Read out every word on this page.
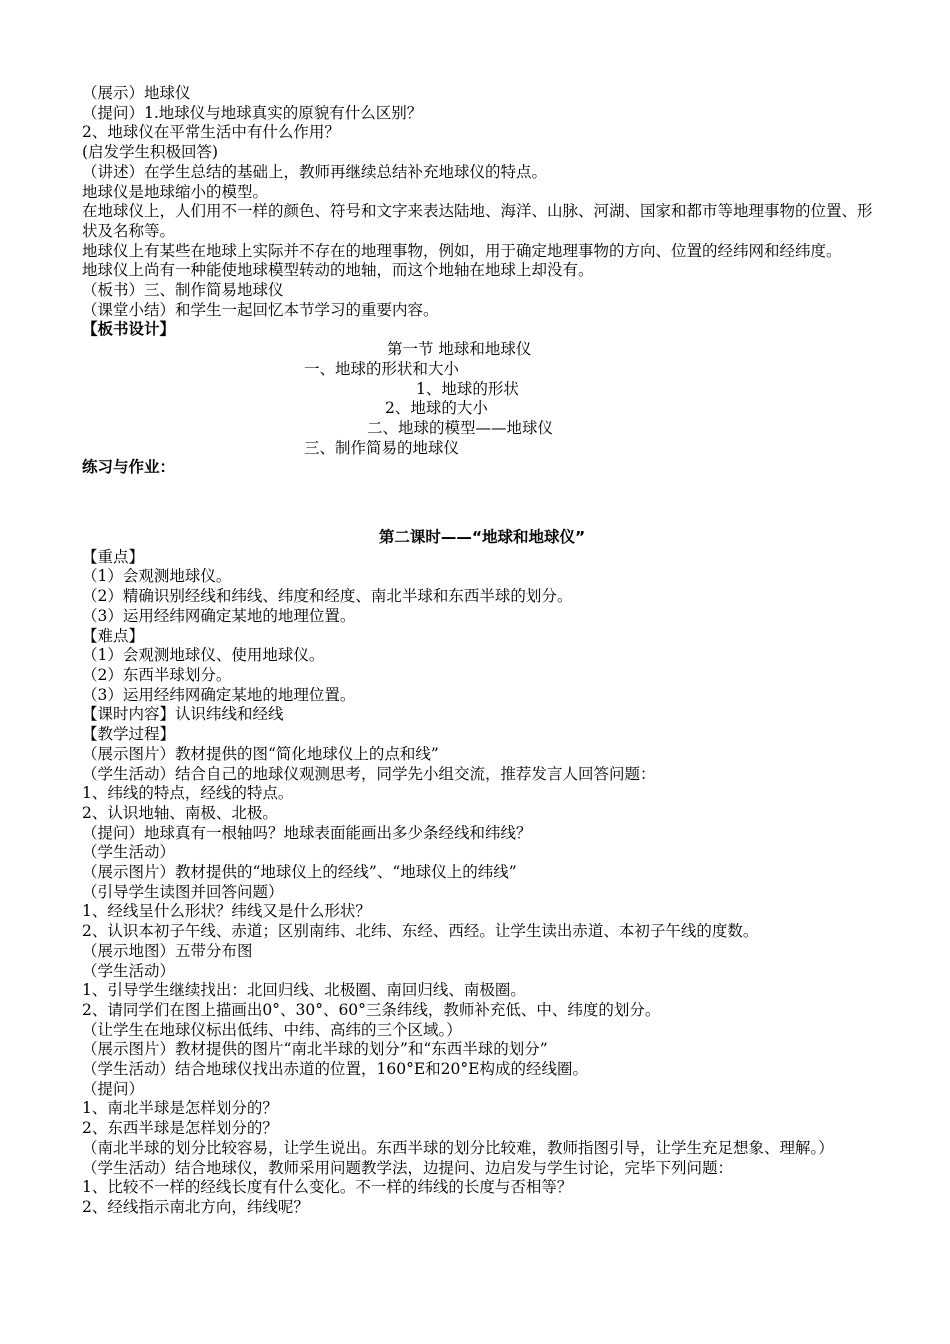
（展示）地球仪
（提问）1.地球仪与地球真实的原貌有什么区别？
2、地球仪在平常生活中有什么作用？
(启发学生积极回答)
（讲述）在学生总结的基础上，教师再继续总结补充地球仪的特点。
地球仪是地球缩小的模型。
在地球仪上，人们用不一样的颜色、符号和文字来表达陆地、海洋、山脉、河湖、国家和都市等地理事物的位置、形状及名称等。
地球仪上有某些在地球上实际并不存在的地理事物，例如，用于确定地理事物的方向、位置的经纬网和经纬度。
地球仪上尚有一种能使地球模型转动的地轴，而这个地轴在地球上却没有。
（板书）三、制作简易地球仪
（课堂小结）和学生一起回忆本节学习的重要内容。
【板书设计】
第一节 地球和地球仪
一、地球的形状和大小
1、地球的形状
2、地球的大小
二、地球的模型——地球仪
三、制作简易的地球仪
练习与作业：
第二课时——“地球和地球仪”
【重点】
（1）会观测地球仪。
（2）精确识别经线和纬线、纬度和经度、南北半球和东西半球的划分。
（3）运用经纬网确定某地的地理位置。
【难点】
（1）会观测地球仪、使用地球仪。
（2）东西半球划分。
（3）运用经纬网确定某地的地理位置。
【课时内容】认识纬线和经线
【教学过程】
（展示图片）教材提供的图“简化地球仪上的点和线”
（学生活动）结合自己的地球仪观测思考，同学先小组交流，推荐发言人回答问题：
1、纬线的特点，经线的特点。
2、认识地轴、南极、北极。
（提问）地球真有一根轴吗？地球表面能画出多少条经线和纬线？
（学生活动）
（展示图片）教材提供的“地球仪上的经线”、“地球仪上的纬线”
（引导学生读图并回答问题）
1、经线呈什么形状？纬线又是什么形状？
2、认识本初子午线、赤道；区别南纬、北纬、东经、西经。让学生读出赤道、本初子午线的度数。
（展示地图）五带分布图
（学生活动）
1、引导学生继续找出：北回归线、北极圈、南回归线、南极圈。
2、请同学们在图上描画出0°、30°、60°三条纬线，教师补充低、中、纬度的划分。
（让学生在地球仪标出低纬、中纬、高纬的三个区域。）
（展示图片）教材提供的图片“南北半球的划分”和“东西半球的划分”
（学生活动）结合地球仪找出赤道的位置，160°E和20°E构成的经线圈。
（提问）
1、南北半球是怎样划分的？
2、东西半球是怎样划分的？
（南北半球的划分比较容易，让学生说出。东西半球的划分比较难，教师指图引导，让学生充足想象、理解。）
（学生活动）结合地球仪，教师采用问题教学法，边提问、边启发与学生讨论，完毕下列问题：
1、比较不一样的经线长度有什么变化。不一样的纬线的长度与否相等？
2、经线指示南北方向，纬线呢？
